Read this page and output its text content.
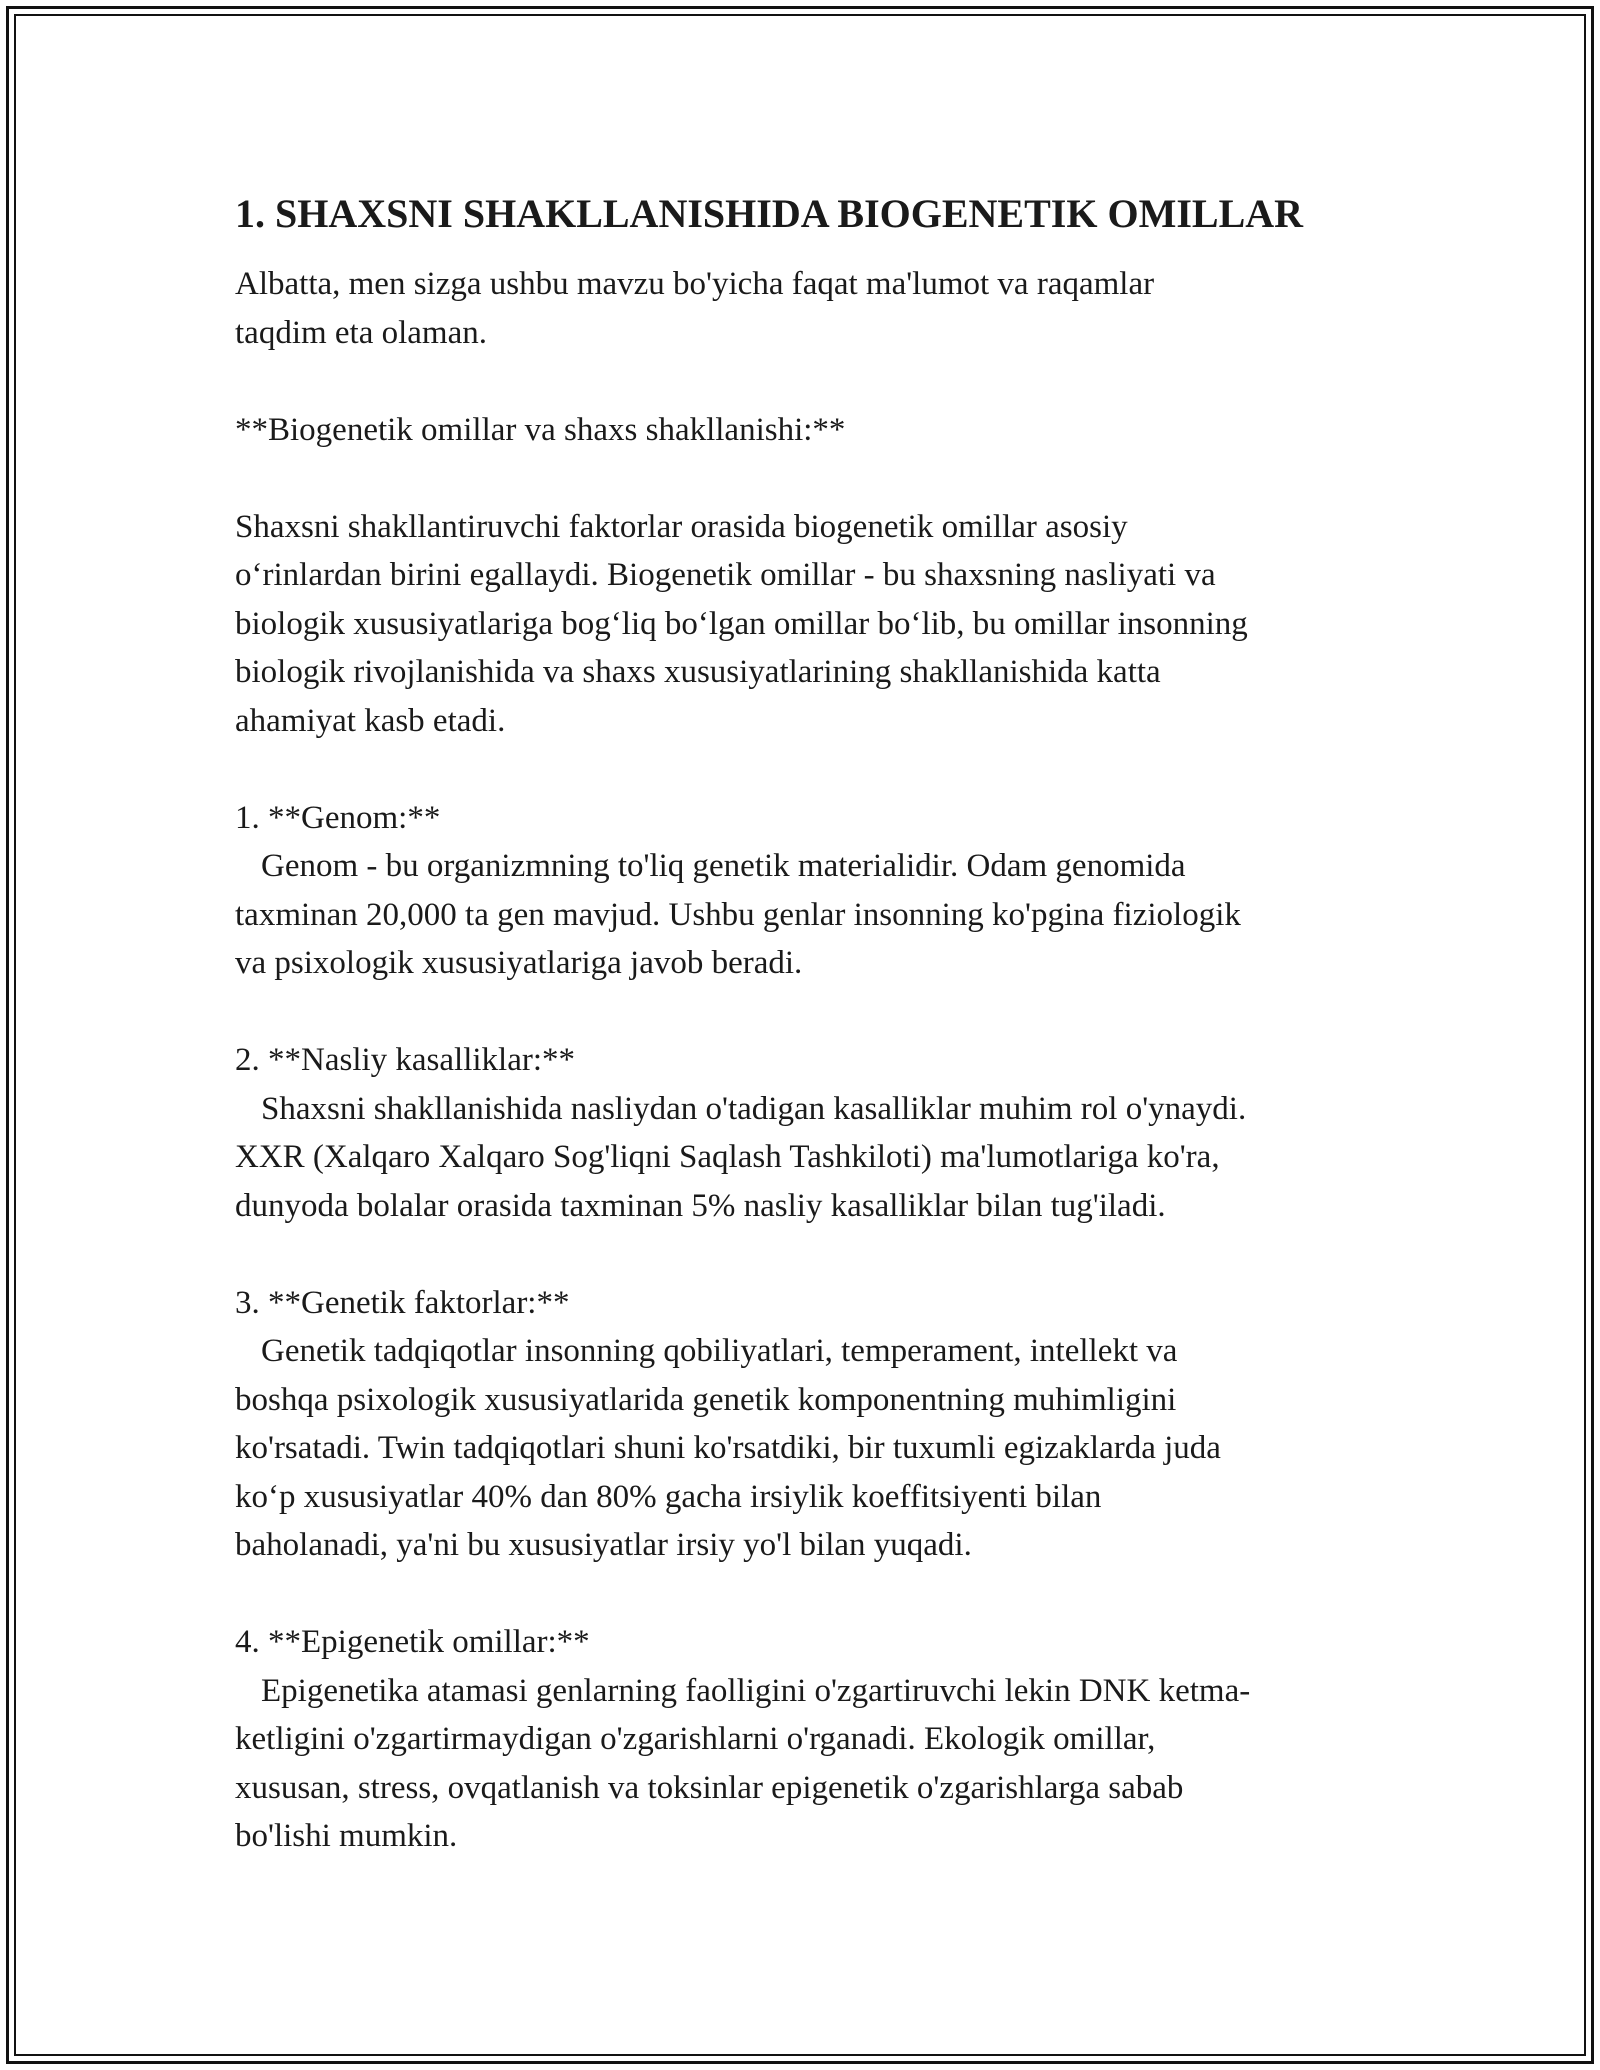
1. SHAXSNI SHAKLLANISHIDA BIOGENETIK OMILLAR

Albatta, men sizga ushbu mavzu bo'yicha faqat ma'lumot va raqamlar

taqdim eta olaman.

**Biogenetik omillar va shaxs shakllanishi:**

Shaxsni shakllantiruvchi faktorlar orasida biogenetik omillar asosiy

o‘rinlardan birini egallaydi. Biogenetik omillar - bu shaxsning nasliyati va

biologik xususiyatlariga bog‘liq bo‘lgan omillar bo‘lib, bu omillar insonning

biologik rivojlanishida va shaxs xususiyatlarining shakllanishida katta

ahamiyat kasb etadi.

1. **Genom:**

Genom - bu organizmning to'liq genetik materialidir. Odam genomida

taxminan 20,000 ta gen mavjud. Ushbu genlar insonning ko'pgina fiziologik

va psixologik xususiyatlariga javob beradi.

2. **Nasliy kasalliklar:**

Shaxsni shakllanishida nasliydan o'tadigan kasalliklar muhim rol o'ynaydi.

XXR (Xalqaro Xalqaro Sog'liqni Saqlash Tashkiloti) ma'lumotlariga ko'ra,

dunyoda bolalar orasida taxminan 5% nasliy kasalliklar bilan tug'iladi.

3. **Genetik faktorlar:**

Genetik tadqiqotlar insonning qobiliyatlari, temperament, intellekt va

boshqa psixologik xususiyatlarida genetik komponentning muhimligini

ko'rsatadi. Twin tadqiqotlari shuni ko'rsatdiki, bir tuxumli egizaklarda juda

ko‘p xususiyatlar 40% dan 80% gacha irsiylik koeffitsiyenti bilan

baholanadi, ya'ni bu xususiyatlar irsiy yo'l bilan yuqadi.

4. **Epigenetik omillar:**

Epigenetika atamasi genlarning faolligini o'zgartiruvchi lekin DNK ketma-

ketligini o'zgartirmaydigan o'zgarishlarni o'rganadi. Ekologik omillar,

xususan, stress, ovqatlanish va toksinlar epigenetik o'zgarishlarga sabab

bo'lishi mumkin.
